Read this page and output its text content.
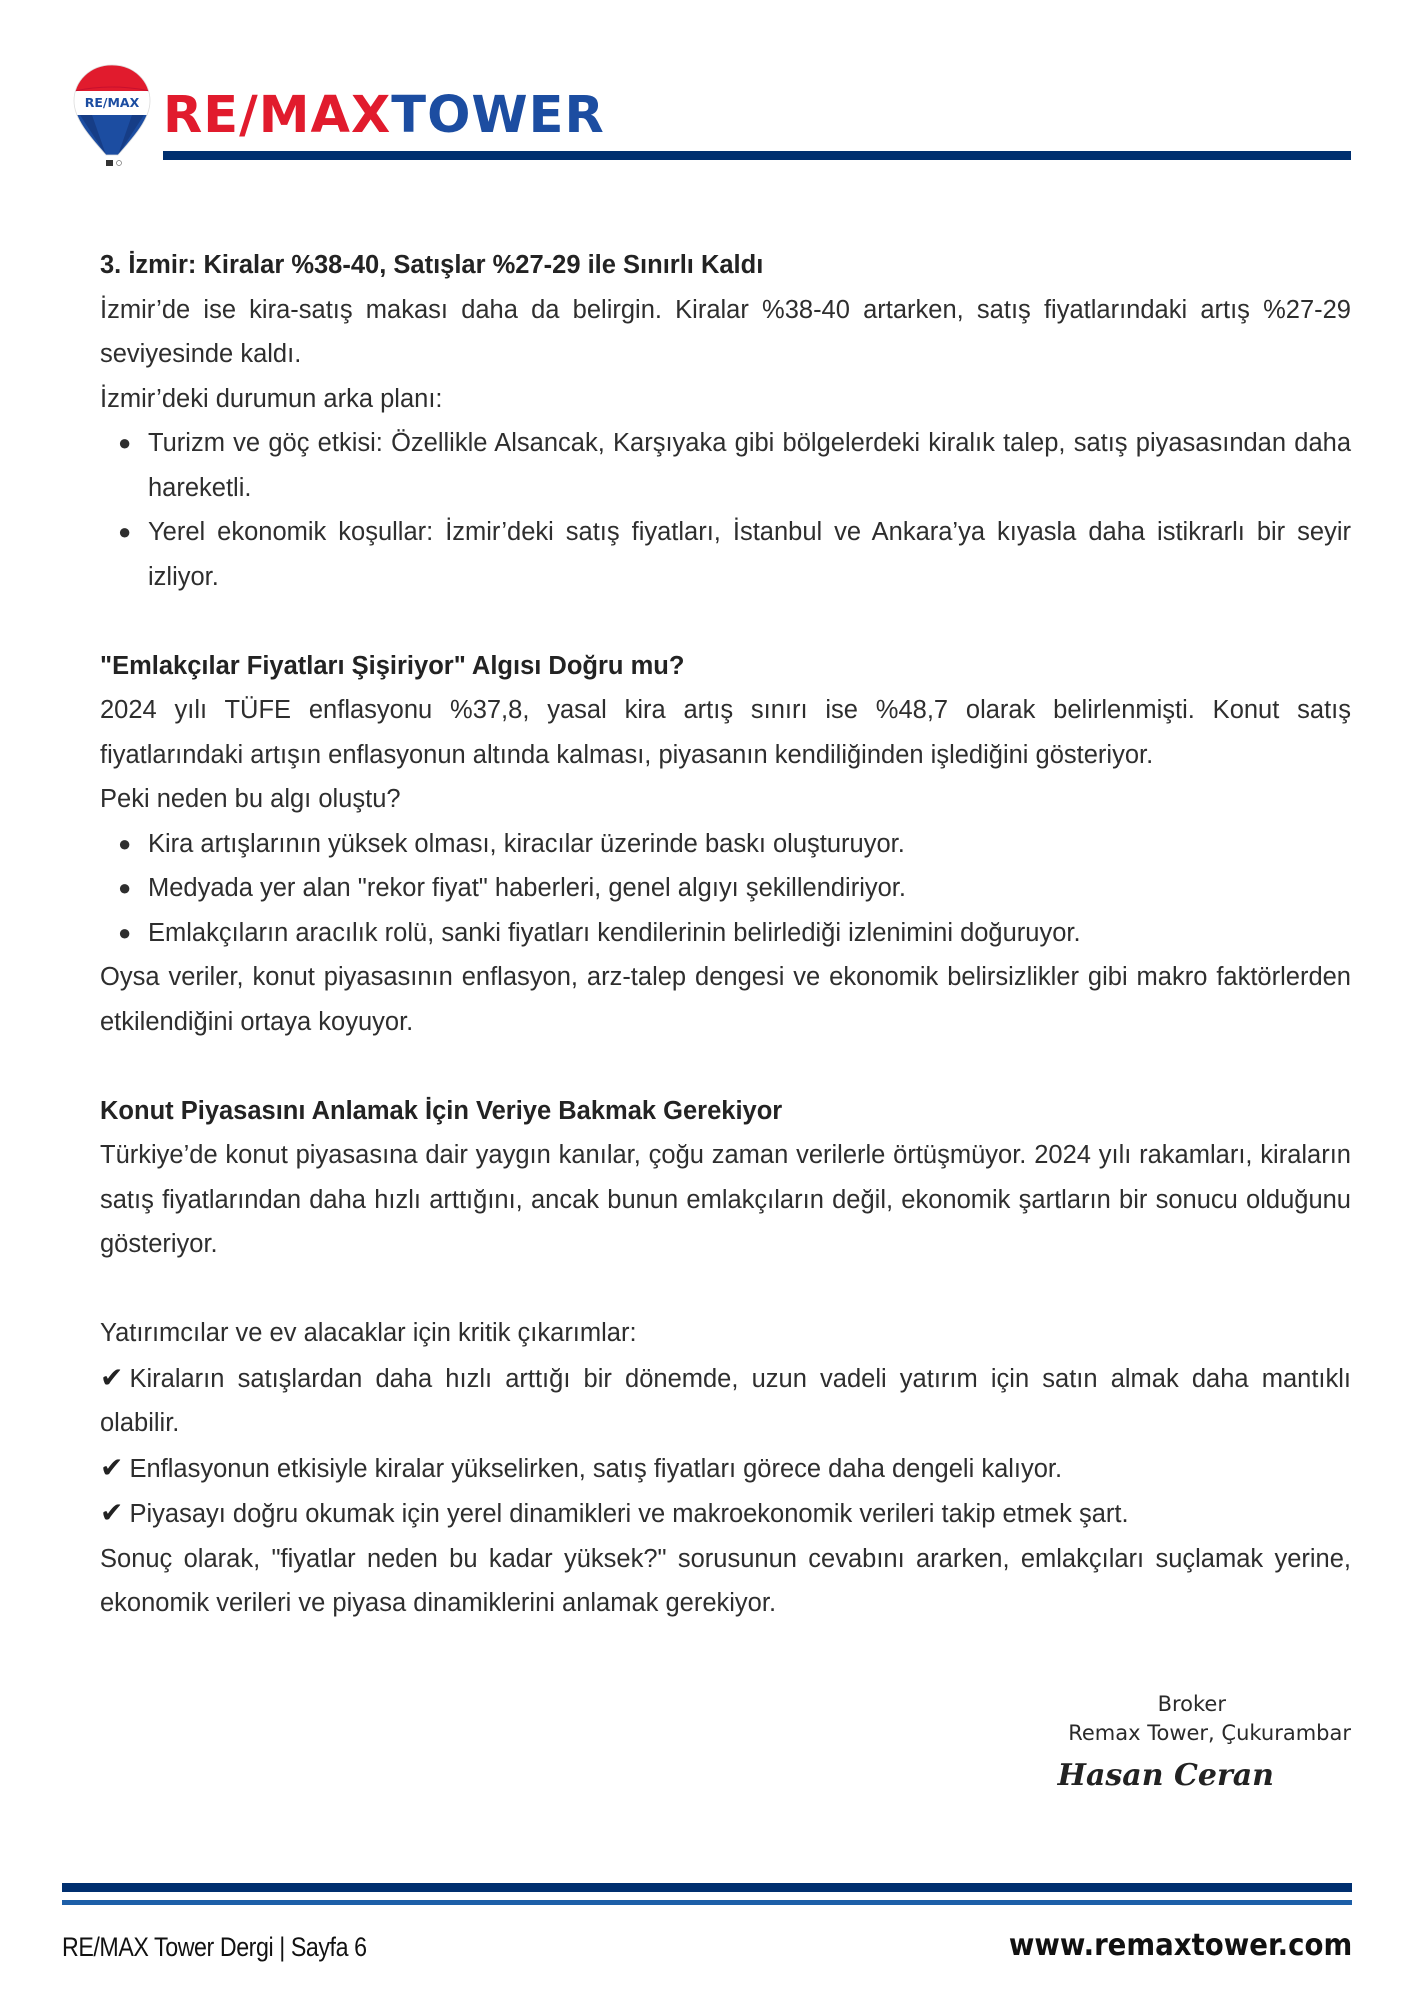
RE/MAX RE/MAXTOWER
3. İzmir: Kiralar %38-40, Satışlar %27-29 ile Sınırlı Kaldı

İzmir’de ise kira-satış makası daha da belirgin. Kiralar %38-40 artarken, satış fiyatlarındaki artış %27-29 seviyesinde kaldı.

İzmir’deki durumun arka planı:

● Turizm ve göç etkisi: Özellikle Alsancak, Karşıyaka gibi bölgelerdeki kiralık talep, satış piyasasından daha hareketli.
● Yerel ekonomik koşullar: İzmir’deki satış fiyatları, İstanbul ve Ankara’ya kıyasla daha istikrarlı bir seyir izliyor.
"Emlakçılar Fiyatları Şişiriyor" Algısı Doğru mu?

2024 yılı TÜFE enflasyonu %37,8, yasal kira artış sınırı ise %48,7 olarak belirlenmişti. Konut satış fiyatlarındaki artışın enflasyonun altında kalması, piyasanın kendiliğinden işlediğini gösteriyor.

Peki neden bu algı oluştu?

● Kira artışlarının yüksek olması, kiracılar üzerinde baskı oluşturuyor.
● Medyada yer alan "rekor fiyat" haberleri, genel algıyı şekillendiriyor.
● Emlakçıların aracılık rolü, sanki fiyatları kendilerinin belirlediği izlenimini doğuruyor.

Oysa veriler, konut piyasasının enflasyon, arz-talep dengesi ve ekonomik belirsizlikler gibi makro faktörlerden etkilendiğini ortaya koyuyor.

Konut Piyasasını Anlamak İçin Veriye Bakmak Gerekiyor

Türkiye’de konut piyasasına dair yaygın kanılar, çoğu zaman verilerle örtüşmüyor. 2024 yılı rakamları, kiraların satış fiyatlarından daha hızlı arttığını, ancak bunun emlakçıların değil, ekonomik şartların bir sonucu olduğunu gösteriyor.

Yatırımcılar ve ev alacaklar için kritik çıkarımlar:

✔ Kiraların satışlardan daha hızlı arttığı bir dönemde, uzun vadeli yatırım için satın almak daha mantıklı olabilir.

✔ Enflasyonun etkisiyle kiralar yükselirken, satış fiyatları görece daha dengeli kalıyor.

✔ Piyasayı doğru okumak için yerel dinamikleri ve makroekonomik verileri takip etmek şart.

Sonuç olarak, "fiyatlar neden bu kadar yüksek?" sorusunun cevabını ararken, emlakçıları suçlamak yerine, ekonomik verileri ve piyasa dinamiklerini anlamak gerekiyor.

Broker
Remax Tower, Çukurambar
Hasan Ceran
RE/MAX Tower Dergi | Sayfa 6	www.remaxtower.com
